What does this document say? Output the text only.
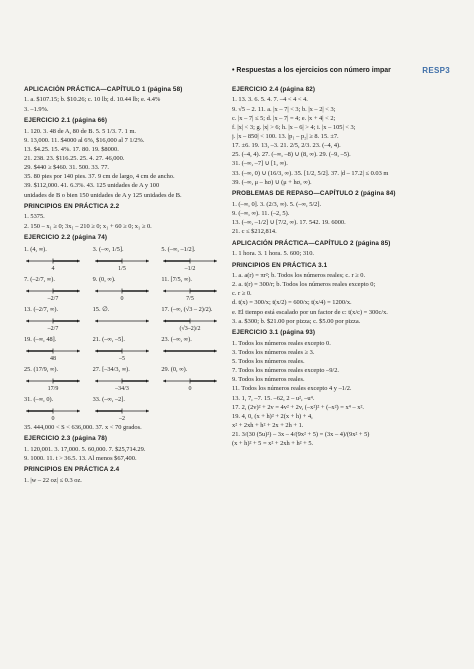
• Respuestas a los ejercicios con número impar	RESP3
APLICACIÓN PRÁCTICA—CAPÍTULO 1 (página 58)
1. a. $107.15; b. $10.26; c. 10 lb; d. 10.44 lb; e. 4.4%
3. –1.9%.
EJERCICIO 2.1 (página 66)
1. 120. 3. 48 de A, 80 de B. 5. 5 1/3. 7. 1 m.
9. 13,000. 11. $4000 al 6%, $16,000 al 7 1/2%.
13. $4.25. 15. 4%. 17. 80. 19. $8000.
21. 238. 23. $116.25. 25. 4. 27. 46,000.
29. $440 ≥ $460. 31. 500. 33. 77.
35. 80 pies por 140 pies. 37. 9 cm de largo, 4 cm de ancho.
39. $112,000. 41. 6.3%. 43. 125 unidades de A y 100
unidades de B o bien 150 unidades de A y 125 unidades de B.
PRINCIPIOS EN PRÁCTICA 2.2
1. 5375.
2. 150 – x₁ ≥ 0; 3x₁ – 210 ≥ 0; x₁ + 60 ≥ 0; x₁ ≥ 0.
EJERCICIO 2.2 (página 74)
1. (4, ∞).
4
3. (–∞, 1/5].
1/5
5. (–∞, –1/2].
–1/2
7. (–2/7, ∞).
–2/7
9. (0, ∞).
0
11. [7/5, ∞).
7/5
13. (–2/7, ∞).
–2/7
15. ∅.	17. (–∞, (√3 – 2)/2).
(√3–2)/2
19. (–∞, 48].
48
21. (–∞, –5].
–5
23. (–∞, ∞).
25. (17/9, ∞).
17/9
27. [–34/3, ∞).
–34/3
29. (0, ∞).
0
31. (–∞, 0).
0
33. (–∞, –2].
–2
35. 444,000 < S < 636,000. 37. x < 70 grados.
EJERCICIO 2.3 (página 78)
1. 120,001. 3. 17,000. 5. 60,000. 7. $25,714.29.
9. 1000. 11. t > 36.5. 13. Al menos $67,400.
PRINCIPIOS EN PRÁCTICA 2.4
1. |w – 22 oz| ≤ 0.3 oz.
EJERCICIO 2.4 (página 82)
1. 13. 3. 6. 5. 4. 7. –4 < 4 < 4.
9. √5 – 2. 11. a. |x – 7| < 3; b. |x – 2| < 3;
c. |x – 7| ≤ 5; d. |x – 7| = 4; e. |x + 4| < 2;
f. |x| < 3; g. |x| > 6; h. |x – 6| > 4; i. |x – 105| < 3;
j. |x – 850| < 100. 13. |p₁ – p₂| ≥ 8. 15. ±7.
17. ±6. 19. 13, –3. 21. 2/5, 2/3. 23. (–4, 4).
25. (–4, 4). 27. (–∞, –8) ∪ (8, ∞). 29. (–9, –5).
31. (–∞, –7] ∪ [1, ∞).
33. (–∞, 0) ∪ (16/3, ∞). 35. [1/2, 5/2]. 37. |d – 17.2| ≤ 0.03 m
39. (–∞, μ – hσ) ∪ (μ + hσ, ∞).
PROBLEMAS DE REPASO—CAPÍTULO 2 (página 84)
1. (–∞, 0]. 3. (2/3, ∞). 5. (–∞, 5/2].
9. (–∞, ∞). 11. (–2, 5).
13. (–∞, –1/2] ∪ [7/2, ∞). 17. 542. 19. 6000.
21. c ≤ $212,814.
APLICACIÓN PRÁCTICA—CAPÍTULO 2 (página 85)
1. 1 hora. 3. 1 hora. 5. 600; 310.
PRINCIPIOS EN PRÁCTICA 3.1
1. a. a(r) = πr²; b. Todos los números reales; c. r ≥ 0.
2. a. t(r) = 300/r; b. Todos los números reales excepto 0;
c. r ≥ 0.
d. t(x) = 300/x; t(x/2) = 600/x; t(x/4) = 1200/x.
e. El tiempo está escalado por un factor de c: t(x/c) = 300c/x.
3. a. $300; b. $21.00 por pizza; c. $5.00 por pizza.
EJERCICIO 3.1 (página 93)
1. Todos los números reales excepto 0.
3. Todos los números reales ≥ 3.
5. Todos los números reales.
7. Todos los números reales excepto –9/2.
9. Todos los números reales.
11. Todos los números reales excepto 4 y –1/2.
13. 1, 7, –7. 15. –62, 2 – u², –u⁴.
17. 2, (2v)² + 2v = 4v² + 2v, (–x²)² + (–x²) = x⁴ – x².
19. 4, 0, (x + h)² + 2(x + h) + 4,
x² + 2xh + h² + 2x + 2h + 1.
21. 3/(30 (5u)²) – 3x – 4/(9x² + 5) = (3x – 4)/(9x² + 5)
(x + h)² + 5 = x² + 2xh + h² + 5.
